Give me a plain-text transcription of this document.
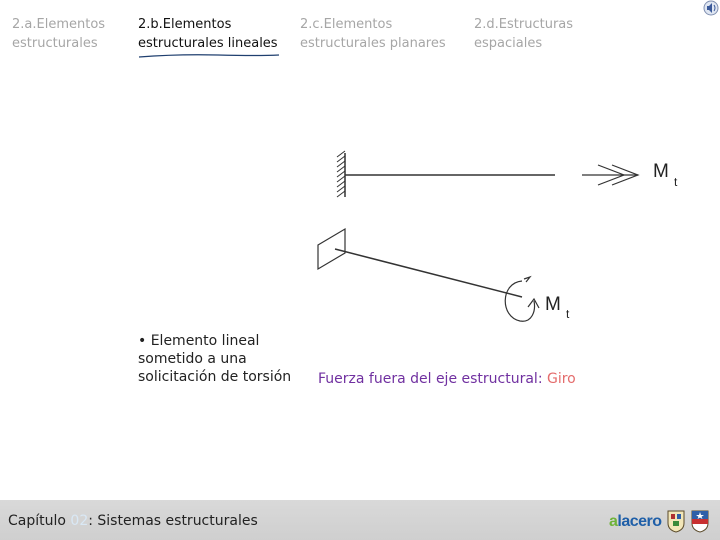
2.a.Elementos
estructurales
2.b.Elementos
estructurales lineales
2.c.Elementos
estructurales planares
2.d.Estructuras
espaciales
M t
M t
• Elemento lineal sometido a una solicitación de torsión	Fuerza fuera del eje estructural: Giro
Capítulo 02: Sistemas estructurales	alacero
